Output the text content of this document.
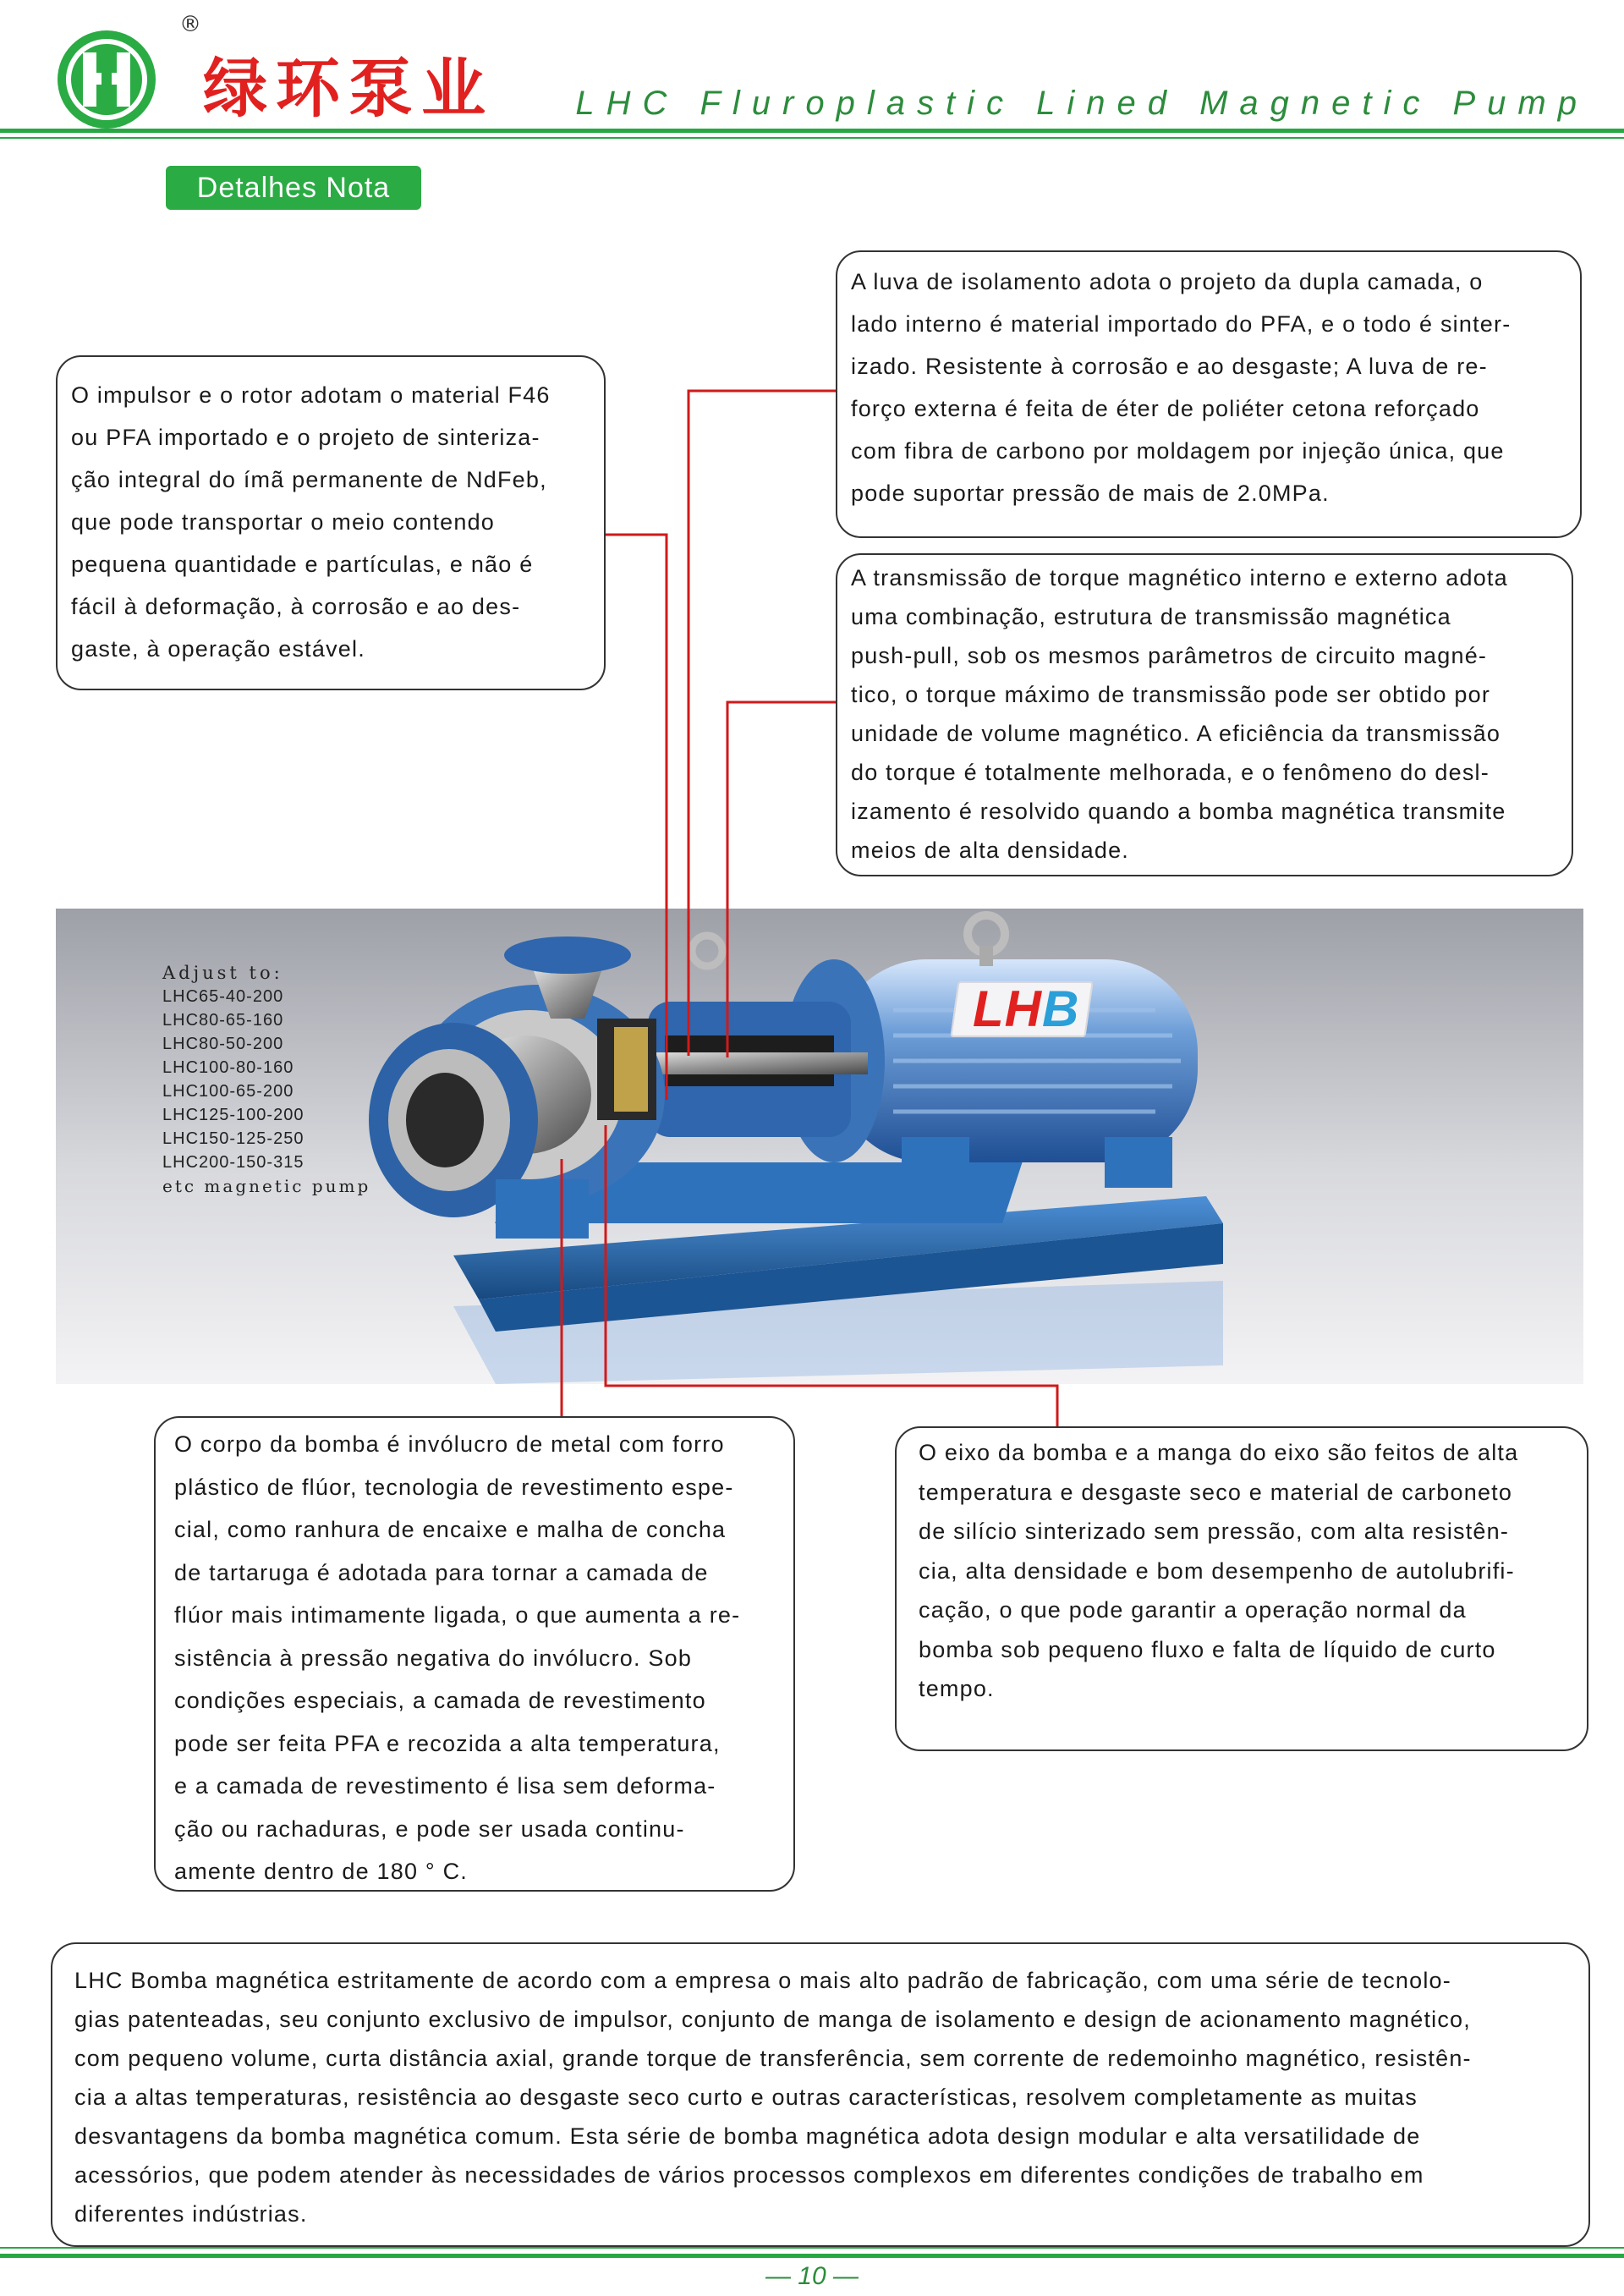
®
绿环泵业 LHC Fluroplastic Lined Magnetic Pump
Detalhes Nota
LHB
Adjust to:
LHC65-40-200
LHC80-65-160
LHC80-50-200
LHC100-80-160
LHC100-65-200
LHC125-100-200
LHC150-125-250
LHC200-150-315
etc magnetic pump
O impulsor e o rotor adotam o material F46
ou PFA importado e o projeto de sinteriza-
ção integral do ímã permanente de NdFeb,
que pode transportar o meio contendo
pequena quantidade e partículas, e não é
fácil à deformação, à corrosão e ao des-
gaste, à operação estável.
A luva de isolamento adota o projeto da dupla camada, o
lado interno é material importado do PFA, e o todo é sinter-
izado. Resistente à corrosão e ao desgaste; A luva de re-
forço externa é feita de éter de poliéter cetona reforçado
com fibra de carbono por moldagem por injeção única, que
pode suportar pressão de mais de 2.0MPa.
A transmissão de torque magnético interno e externo adota
uma combinação, estrutura de transmissão magnética
push-pull, sob os mesmos parâmetros de circuito magné-
tico, o torque máximo de transmissão pode ser obtido por
unidade de volume magnético. A eficiência da transmissão
do torque é totalmente melhorada, e o fenômeno do desl-
izamento é resolvido quando a bomba magnética transmite
meios de alta densidade.
O corpo da bomba é invólucro de metal com forro
plástico de flúor, tecnologia de revestimento espe-
cial, como ranhura de encaixe e malha de concha
de tartaruga é adotada para tornar a camada de
flúor mais intimamente ligada, o que aumenta a re-
sistência à pressão negativa do invólucro. Sob
condições especiais, a camada de revestimento
pode ser feita PFA e recozida a alta temperatura,
e a camada de revestimento é lisa sem deforma-
ção ou rachaduras, e pode ser usada continu-
amente dentro de 180 ° C.
O eixo da bomba e a manga do eixo são feitos de alta
temperatura e desgaste seco e material de carboneto
de silício sinterizado sem pressão, com alta resistên-
cia, alta densidade e bom desempenho de autolubrifi-
cação, o que pode garantir a operação normal da
bomba sob pequeno fluxo e falta de líquido de curto
tempo.
LHC Bomba magnética estritamente de acordo com a empresa o mais alto padrão de fabricação, com uma série de tecnolo-
gias patenteadas, seu conjunto exclusivo de impulsor, conjunto de manga de isolamento e design de acionamento magnético,
com pequeno volume, curta distância axial, grande torque de transferência, sem corrente de redemoinho magnético, resistên-
cia a altas temperaturas, resistência ao desgaste seco curto e outras características, resolvem completamente as muitas
desvantagens da bomba magnética comum. Esta série de bomba magnética adota design modular e alta versatilidade de
acessórios, que podem atender às necessidades de vários processos complexos em diferentes condições de trabalho em
diferentes indústrias.
— 10 —
